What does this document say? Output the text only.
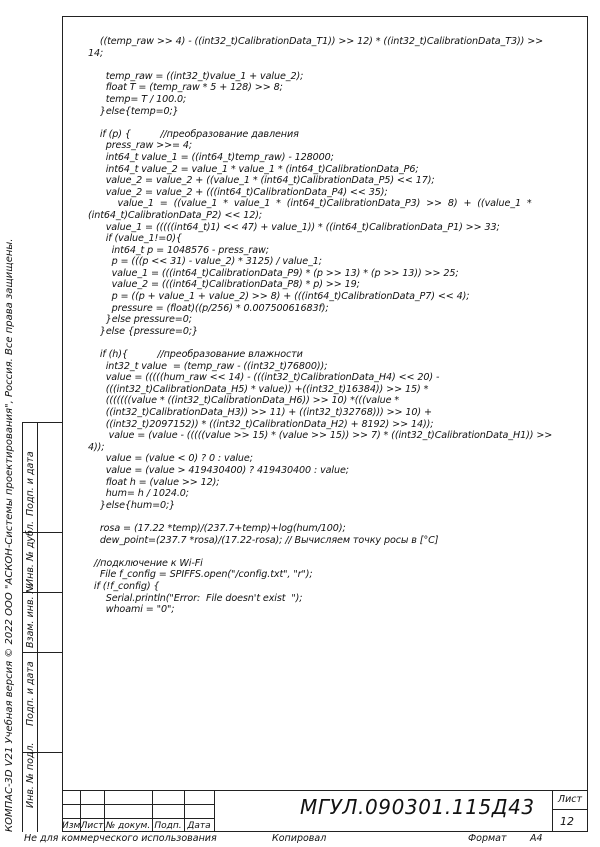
((temp_raw >> 4) - ((int32_t)CalibrationData_T1)) >> 12) * ((int32_t)CalibrationData_T3)) >>
14;

temp_raw = ((int32_t)value_1 + value_2);
float T = (temp_raw * 5 + 128) >> 8;
temp= T / 100.0;
}else{temp=0;}

if (p) {          //преобразование давления
press_raw >>= 4;
int64_t value_1 = ((int64_t)temp_raw) - 128000;
int64_t value_2 = value_1 * value_1 * (int64_t)CalibrationData_P6;
value_2 = value_2 + ((value_1 * (int64_t)CalibrationData_P5) << 17);
value_2 = value_2 + (((int64_t)CalibrationData_P4) << 35);
value_1  =  ((value_1  *  value_1  *  (int64_t)CalibrationData_P3)  >>  8)  +  ((value_1  *
(int64_t)CalibrationData_P2) << 12);
value_1 = (((((int64_t)1) << 47) + value_1)) * ((int64_t)CalibrationData_P1) >> 33;
if (value_1!=0){
int64_t p = 1048576 - press_raw;
p = (((p << 31) - value_2) * 3125) / value_1;
value_1 = (((int64_t)CalibrationData_P9) * (p >> 13) * (p >> 13)) >> 25;
value_2 = (((int64_t)CalibrationData_P8) * p) >> 19;
p = ((p + value_1 + value_2) >> 8) + (((int64_t)CalibrationData_P7) << 4);
pressure = (float)((p/256) * 0.00750061683f);
}else pressure=0;
}else {pressure=0;}

if (h){          //преобразование влажности
int32_t value  = (temp_raw - ((int32_t)76800));
value = (((((hum_raw << 14) - (((int32_t)CalibrationData_H4) << 20) -
(((int32_t)CalibrationData_H5) * value)) +((int32_t)16384)) >> 15) *
(((((((value * ((int32_t)CalibrationData_H6)) >> 10) *(((value *
((int32_t)CalibrationData_H3)) >> 11) + ((int32_t)32768))) >> 10) +
((int32_t)2097152)) * ((int32_t)CalibrationData_H2) + 8192) >> 14));
value = (value - (((((value >> 15) * (value >> 15)) >> 7) * ((int32_t)CalibrationData_H1)) >>
4));
value = (value < 0) ? 0 : value;
value = (value > 419430400) ? 419430400 : value;
float h = (value >> 12);
hum= h / 1024.0;
}else{hum=0;}

rosa = (17.22 *temp)/(237.7+temp)+log(hum/100);
dew_point=(237.7 *rosa)/(17.22-rosa); // Вычисляем точку росы в [°C]

//подключение к Wi-Fi
File f_config = SPIFFS.open("/config.txt", "r");
if (!f_config) {
Serial.println("Error:  File doesn't exist  ");
whoami = "0";

Подп. и дата
Инв. № дубл.
Взам. инв. №
Подп. и дата
Инв. № подл.
КОМПАС-3D V21 Учебная версия © 2022 ООО "АСКОН-Системы проектирования", Россия. Все права защищены.	Изм.
Лист № докум. Подп. Дата
МГУЛ.090301.115Д43 Лист
12
Не для коммерческого использования	Копировал	Формат А4
